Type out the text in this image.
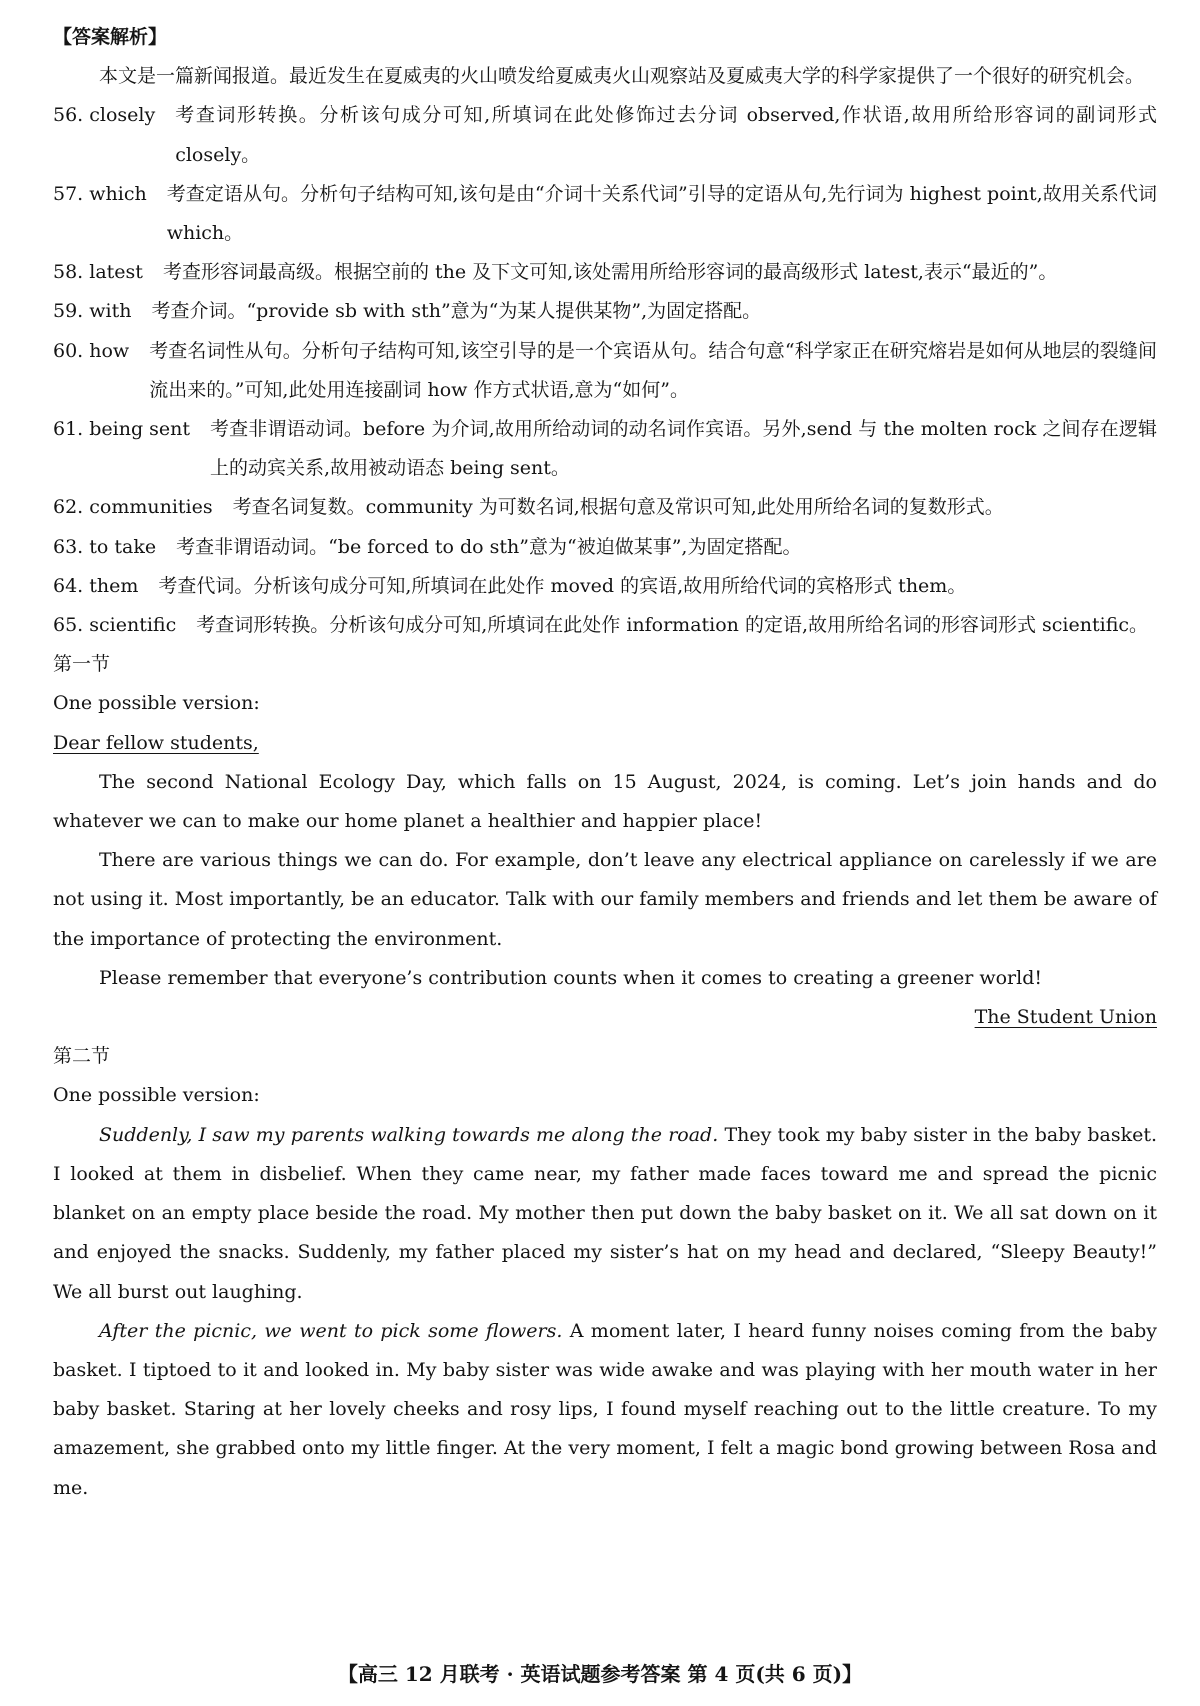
【答案解析】
本文是一篇新闻报道。最近发生在夏威夷的火山喷发给夏威夷火山观察站及夏威夷大学的科学家提供了一个很好的研究机会。
56. closely 考查词形转换。分析该句成分可知,所填词在此处修饰过去分词 observed,作状语,故用所给形容词的副词形式 closely。
57. which 考查定语从句。分析句子结构可知,该句是由“介词十关系代词”引导的定语从句,先行词为 highest point,故用关系代词 which。
58. latest 考查形容词最高级。根据空前的 the 及下文可知,该处需用所给形容词的最高级形式 latest,表示“最近的”。
59. with 考查介词。“provide sb with sth”意为“为某人提供某物”,为固定搭配。
60. how 考查名词性从句。分析句子结构可知,该空引导的是一个宾语从句。结合句意“科学家正在研究熔岩是如何从地层的裂缝间流出来的。”可知,此处用连接副词 how 作方式状语,意为“如何”。
61. being sent 考查非谓语动词。before 为介词,故用所给动词的动名词作宾语。另外,send 与 the molten rock 之间存在逻辑上的动宾关系,故用被动语态 being sent。
62. communities 考查名词复数。community 为可数名词,根据句意及常识可知,此处用所给名词的复数形式。
63. to take 考查非谓语动词。“be forced to do sth”意为“被迫做某事”,为固定搭配。
64. them 考查代词。分析该句成分可知,所填词在此处作 moved 的宾语,故用所给代词的宾格形式 them。
65. scientific 考查词形转换。分析该句成分可知,所填词在此处作 information 的定语,故用所给名词的形容词形式 scientific。
第一节
One possible version:
Dear fellow students,
The second National Ecology Day, which falls on 15 August, 2024, is coming. Let’s join hands and do whatever we can to make our home planet a healthier and happier place!
There are various things we can do. For example, don’t leave any electrical appliance on carelessly if we are not using it. Most importantly, be an educator. Talk with our family members and friends and let them be aware of the importance of protecting the environment.
Please remember that everyone’s contribution counts when it comes to creating a greener world!
The Student Union
第二节
One possible version:
Suddenly, I saw my parents walking towards me along the road. They took my baby sister in the baby basket. I looked at them in disbelief. When they came near, my father made faces toward me and spread the picnic blanket on an empty place beside the road. My mother then put down the baby basket on it. We all sat down on it and enjoyed the snacks. Suddenly, my father placed my sister’s hat on my head and declared, “Sleepy Beauty!” We all burst out laughing.
After the picnic, we went to pick some flowers. A moment later, I heard funny noises coming from the baby basket. I tiptoed to it and looked in. My baby sister was wide awake and was playing with her mouth water in her baby basket. Staring at her lovely cheeks and rosy lips, I found myself reaching out to the little creature. To my amazement, she grabbed onto my little finger. At the very moment, I felt a magic bond growing between Rosa and me.
【高三 12 月联考 · 英语试题参考答案 第 4 页(共 6 页)】
